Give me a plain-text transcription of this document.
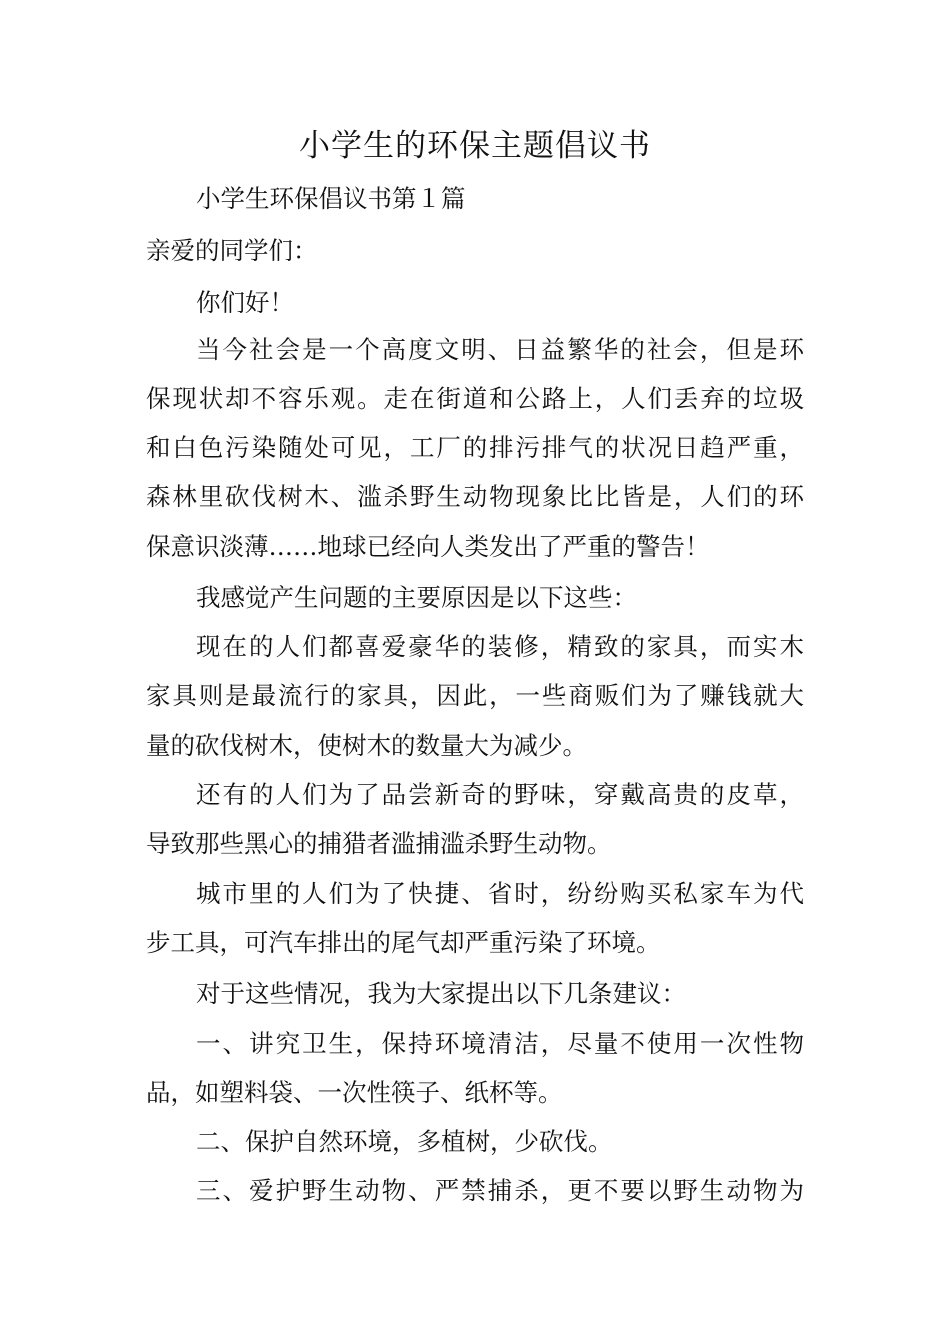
小学生的环保主题倡议书

小学生环保倡议书第１篇

亲爱的同学们：

你们好！

当今社会是一个高度文明、日益繁华的社会，但是环

保现状却不容乐观。走在街道和公路上，人们丢弃的垃圾

和白色污染随处可见，工厂的排污排气的状况日趋严重，

森林里砍伐树木、滥杀野生动物现象比比皆是，人们的环

保意识淡薄……地球已经向人类发出了严重的警告！

我感觉产生问题的主要原因是以下这些：

现在的人们都喜爱豪华的装修，精致的家具，而实木

家具则是最流行的家具，因此，一些商贩们为了赚钱就大

量的砍伐树木，使树木的数量大为减少。

还有的人们为了品尝新奇的野味，穿戴高贵的皮草，

导致那些黑心的捕猎者滥捕滥杀野生动物。

城市里的人们为了快捷、省时，纷纷购买私家车为代

步工具，可汽车排出的尾气却严重污染了环境。

对于这些情况，我为大家提出以下几条建议：

一、讲究卫生，保持环境清洁，尽量不使用一次性物

品，如塑料袋、一次性筷子、纸杯等。

二、保护自然环境，多植树，少砍伐。

三、爱护野生动物、严禁捕杀，更不要以野生动物为
